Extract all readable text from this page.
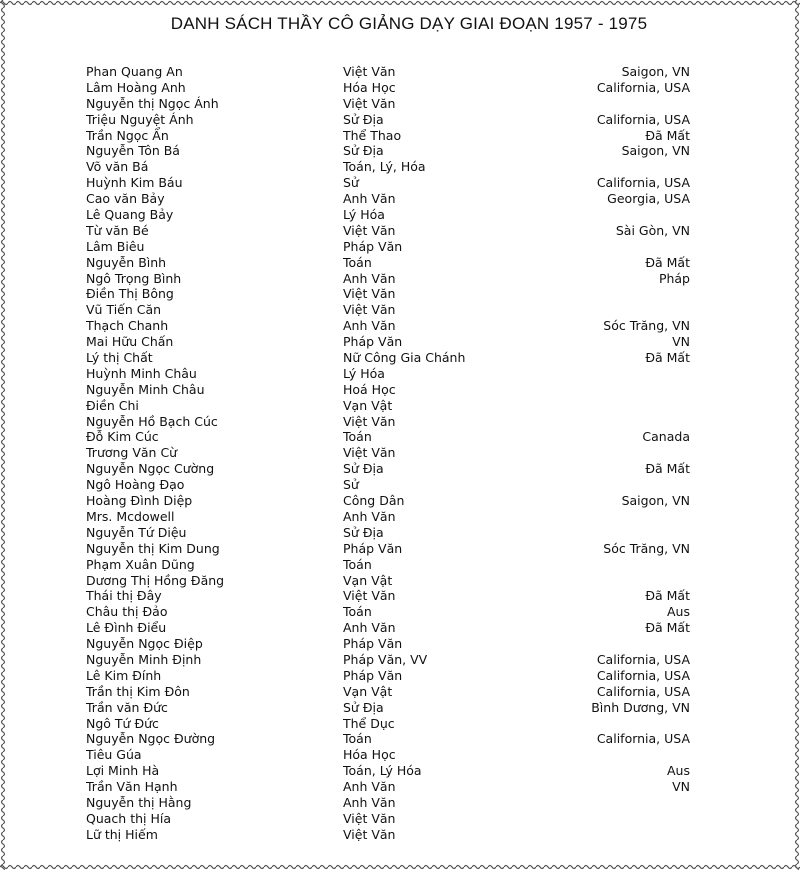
DANH SÁCH THẦY CÔ GIẢNG DẠY GIAI ĐOẠN 1957 - 1975
Phan Quang An	Việt Văn	Saigon, VN
Lâm Hoàng Anh	Hóa Học	California, USA
Nguyễn thị Ngọc Ánh	Việt Văn
Triệu Nguyệt Ánh	Sử Địa	California, USA
Trần Ngọc Ẩn	Thể Thao	Đã Mất
Nguyễn Tôn Bá	Sử Địa	Saigon, VN
Võ văn Bá	Toán, Lý, Hóa
Huỳnh Kim Báu	Sử	California, USA
Cao văn Bảy	Anh Văn	Georgia, USA
Lê Quang Bảy	Lý Hóa
Từ văn Bé	Việt Văn	Sài Gòn, VN
Lâm Biêu	Pháp Văn
Nguyễn Bình	Toán	Đã Mất
Ngô Trọng Bình	Anh Văn	Pháp
Điền Thị Bông	Việt Văn
Vũ Tiến Căn	Việt Văn
Thạch Chanh	Anh Văn	Sóc Trăng, VN
Mai Hữu Chấn	Pháp Văn	VN
Lý thị Chất	Nữ Công Gia Chánh	Đã Mất
Huỳnh Minh Châu	Lý Hóa
Nguyễn Minh Châu	Hoá Học
Điền Chi	Vạn Vật
Nguyễn Hồ Bạch Cúc	Việt Văn
Đỗ Kim Cúc	Toán	Canada
Trương Văn Cừ	Việt Văn
Nguyễn Ngọc Cường	Sử Địa	Đã Mất
Ngô Hoàng Đạo	Sử
Hoàng Đình Diệp	Công Dân	Saigon, VN
Mrs. Mcdowell	Anh Văn
Nguyễn Tứ Diệu	Sử Địa
Nguyễn thị Kim Dung	Pháp Văn	Sóc Trăng, VN
Phạm Xuân Dũng	Toán
Dương Thị Hồng Đăng	Vạn Vật
Thái thị Đây	Việt Văn	Đã Mất
Châu thị Đảo	Toán	Aus
Lê Đình Điểu	Anh Văn	Đã Mất
Nguyễn Ngọc Điệp	Pháp Văn
Nguyễn Minh Định	Pháp Văn, VV	California, USA
Lê Kim Đính	Pháp Văn	California, USA
Trần thị Kim Đôn	Vạn Vật	California, USA
Trần văn Đức	Sử Địa	Bình Dương, VN
Ngô Tứ Đức	Thể Dục
Nguyễn Ngọc Đường	Toán	California, USA
Tiêu Gúa	Hóa Học
Lợi Minh Hà	Toán, Lý Hóa	Aus
Trần Văn Hạnh	Anh Văn	VN
Nguyễn thị Hằng	Anh Văn
Quach thị Hía	Việt Văn
Lữ thị Hiếm	Việt Văn
